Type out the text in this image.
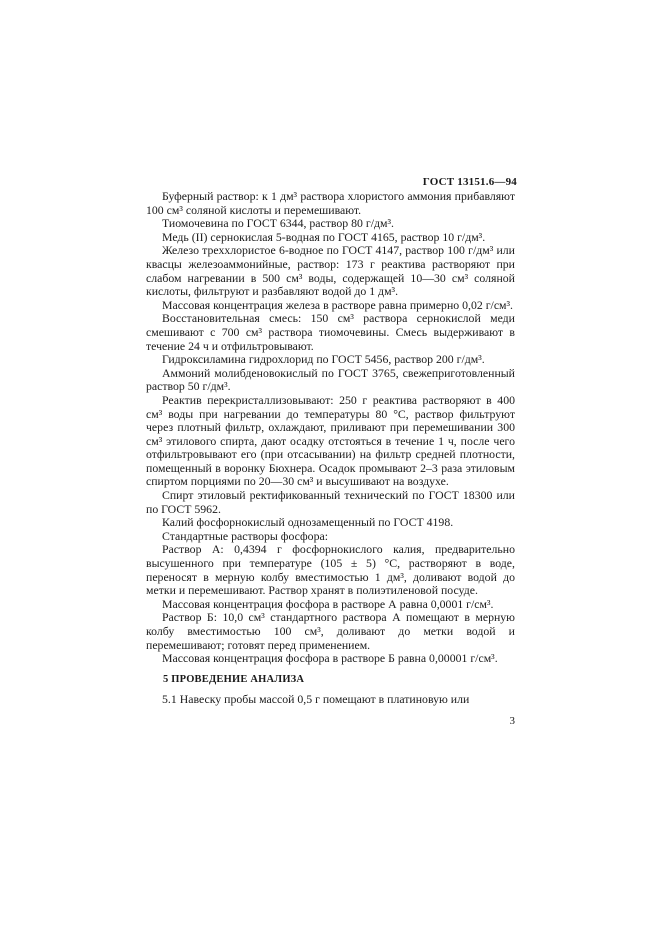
ГОСТ 13151.6—94

Буферный раствор: к 1 дм³ раствора хлористого аммония прибавляют 100 см³ соляной кислоты и перемешивают.

Тиомочевина по ГОСТ 6344, раствор 80 г/дм³.

Медь (II) сернокислая 5-водная по ГОСТ 4165, раствор 10 г/дм³.

Железо треххлористое 6-водное по ГОСТ 4147, раствор 100 г/дм³ или квасцы железоаммонийные, раствор: 173 г реактива растворяют при слабом нагревании в 500 см³ воды, содержащей 10—30 см³ соляной кислоты, фильтруют и разбавляют водой до 1 дм³.

Массовая концентрация железа в растворе равна примерно 0,02 г/см³.

Восстановительная смесь: 150 см³ раствора сернокислой меди смешивают с 700 см³ раствора тиомочевины. Смесь выдерживают в течение 24 ч и отфильтровывают.

Гидроксиламина гидрохлорид по ГОСТ 5456, раствор 200 г/дм³.

Аммоний молибденовокислый по ГОСТ 3765, свежеприготовленный раствор 50 г/дм³.

Реактив перекристаллизовывают: 250 г реактива растворяют в 400 см³ воды при нагревании до температуры 80 °С, раствор фильтруют через плотный фильтр, охлаждают, приливают при перемешивании 300 см³ этилового спирта, дают осадку отстояться в течение 1 ч, после чего отфильтровывают его (при отсасывании) на фильтр средней плотности, помещенный в воронку Бюхнера. Осадок промывают 2–3 раза этиловым спиртом порциями по 20—30 см³ и высушивают на воздухе.

Спирт этиловый ректификованный технический по ГОСТ 18300 или по ГОСТ 5962.

Калий фосфорнокислый однозамещенный по ГОСТ 4198.

Стандартные растворы фосфора:

Раствор А: 0,4394 г фосфорнокислого калия, предварительно высушенного при температуре (105 ± 5) °С, растворяют в воде, переносят в мерную колбу вместимостью 1 дм³, доливают водой до метки и перемешивают. Раствор хранят в полиэтиленовой посуде.

Массовая концентрация фосфора в растворе А равна 0,0001 г/см³.

Раствор Б: 10,0 см³ стандартного раствора А помещают в мерную колбу вместимостью 100 см³, доливают до метки водой и перемешивают; готовят перед применением.

Массовая концентрация фосфора в растворе Б равна 0,00001 г/см³.

5 ПРОВЕДЕНИЕ АНАЛИЗА

5.1 Навеску пробы массой 0,5 г помещают в платиновую или

3
